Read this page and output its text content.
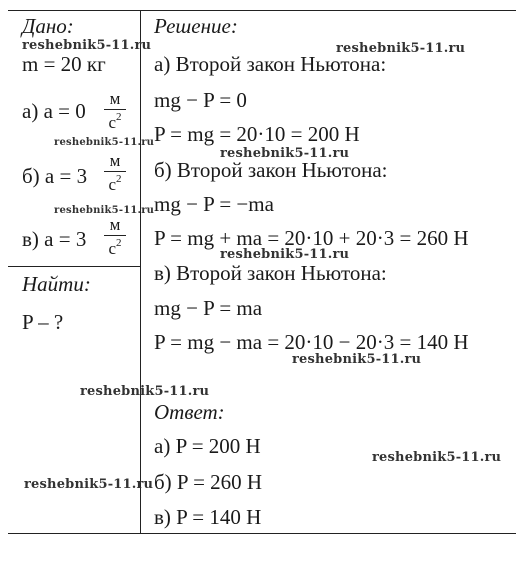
Дано:
m = 20 кг
а) a = 0
м
$с^2$
б) a = 3
м
$с^2$
в) a = 3
м
$с^2$
Найти:
P – ?
Решение:
а) Второй закон Ньютона:
mg − P = 0
P = mg = 20·10 = 200 Н
б) Второй закон Ньютона:
mg − P = −ma
P = mg + ma = 20·10 + 20·3 = 260 Н
в) Второй закон Ньютона:
mg − P = ma
P = mg − ma = 20·10 − 20·3 = 140 Н
Ответ:
а) P = 200 Н
б) P = 260 Н
в) P = 140 Н
reshebnik5-11.ru	reshebnik5-11.ru
reshebnik5-11.ru
reshebnik5-11.ru
reshebnik5-11.ru
reshebnik5-11.ru
reshebnik5-11.ru
reshebnik5-11.ru
reshebnik5-11.ru
reshebnik5-11.ru
